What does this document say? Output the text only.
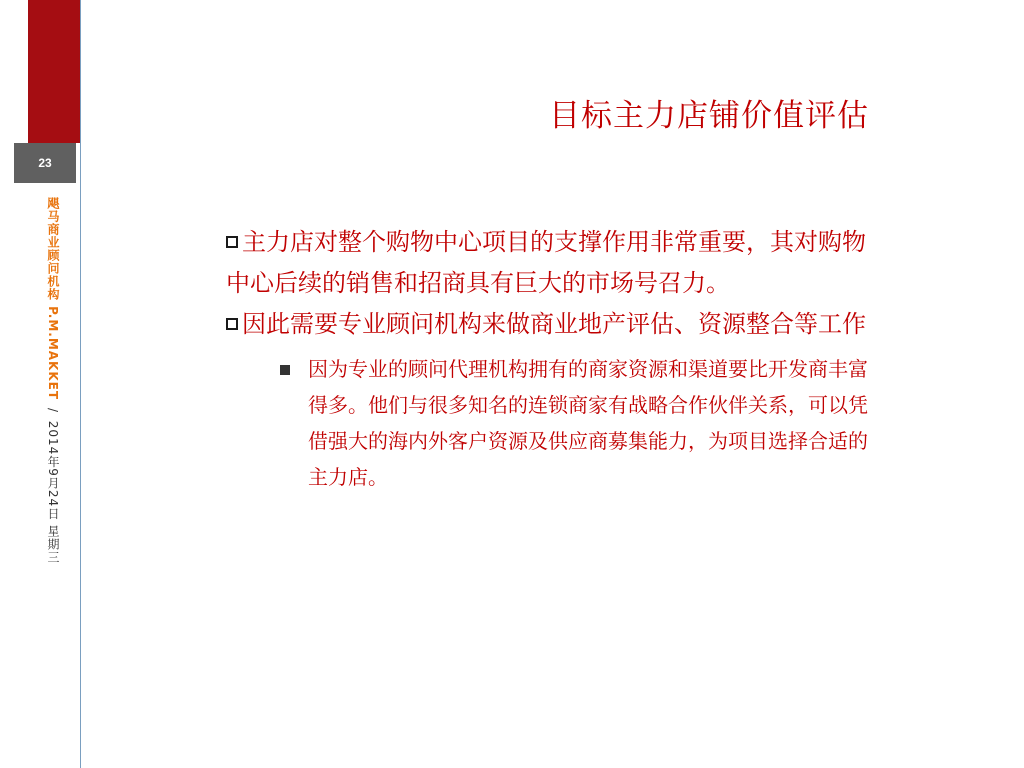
23
飓马商业顾问机构 P.M.MAKKET / 2014年9月24日 星期三
目标主力店铺价值评估

主力店对整个购物中心项目的支撑作用非常重要，其对购物中心后续的销售和招商具有巨大的市场号召力。

因此需要专业顾问机构来做商业地产评估、资源整合等工作

因为专业的顾问代理机构拥有的商家资源和渠道要比开发商丰富得多。他们与很多知名的连锁商家有战略合作伙伴关系，可以凭借强大的海内外客户资源及供应商募集能力，为项目选择合适的主力店。
